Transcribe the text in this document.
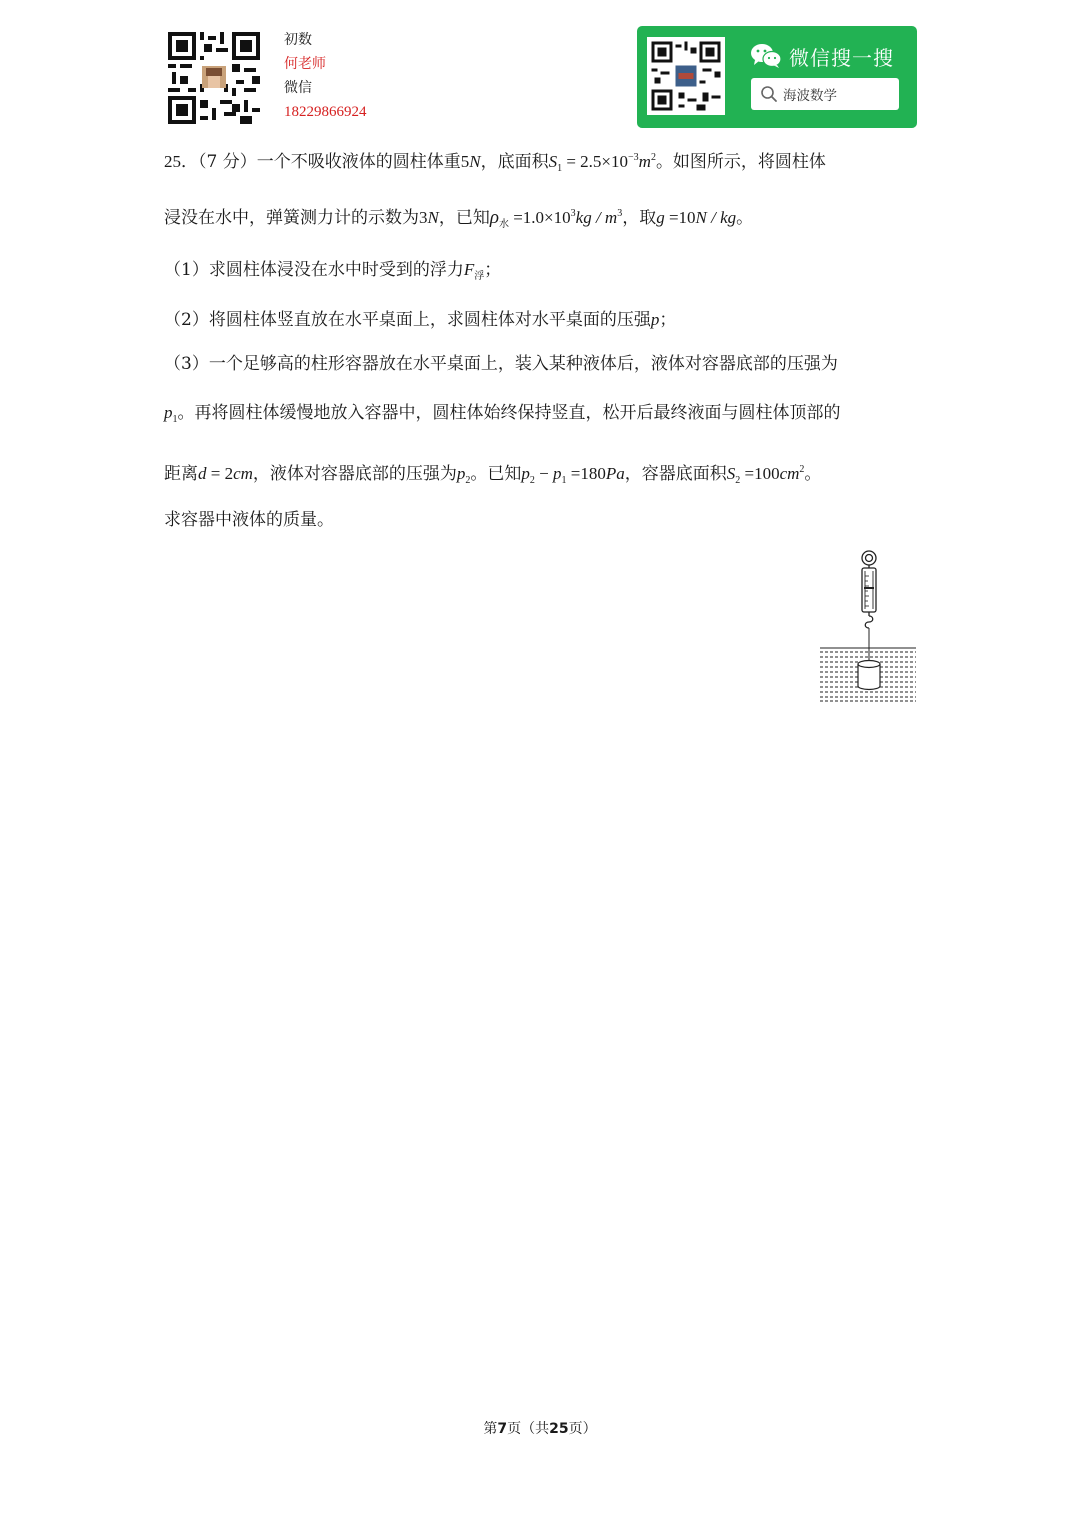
初数
何老师
微信
18229866924
微信搜一搜
海波数学
25．（7 分）一个不吸收液体的圆柱体重5N，底面积$S_1 = 2.5\times 10^{-3}m^2$。如图所示，将圆柱体
浸没在水中，弹簧测力计的示数为3N，已知$\rho_水 =1.0\times 10^3kg / m^3$，取g =10N / kg。
（1）求圆柱体浸没在水中时受到的浮力$F_浮$；
（2）将圆柱体竖直放在水平桌面上，求圆柱体对水平桌面的压强p；
（3）一个足够高的柱形容器放在水平桌面上，装入某种液体后，液体对容器底部的压强为
$p_1$。再将圆柱体缓慢地放入容器中，圆柱体始终保持竖直，松开后最终液面与圆柱体顶部的
距离d = 2cm，液体对容器底部的压强为$p_2$。已知$p_2 - p_1 =180Pa$，容器底面积$S_2 =100cm^2$。
求容器中液体的质量。
第7页（共25页）
